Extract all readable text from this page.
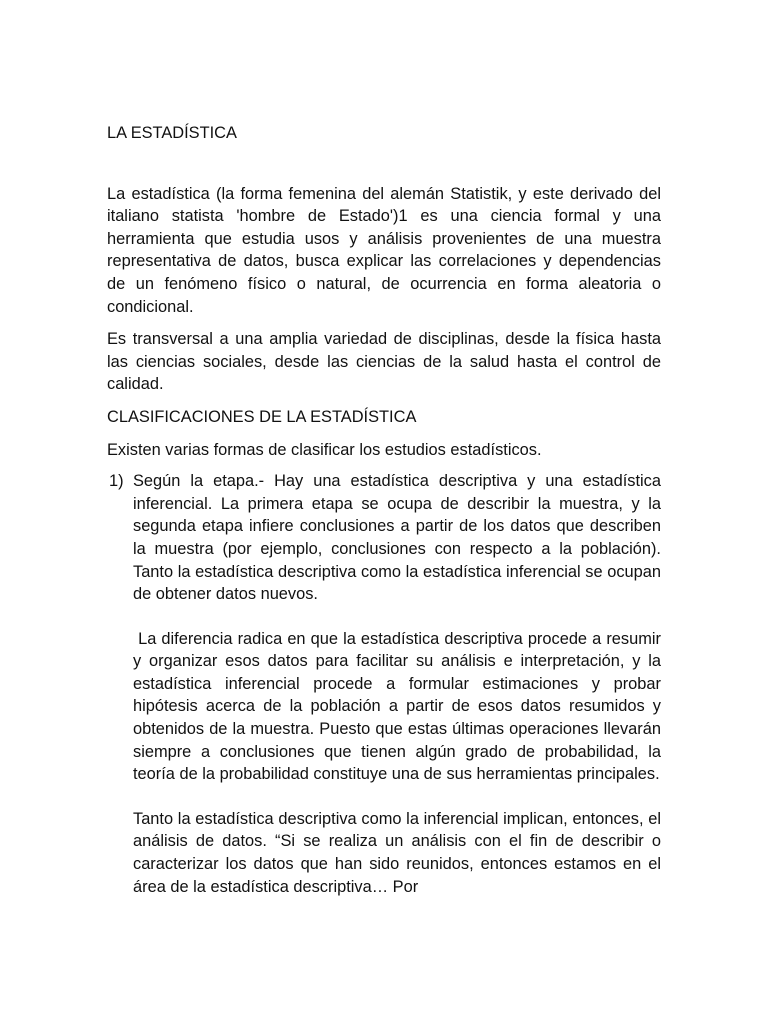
LA ESTADÍSTICA

La estadística (la forma femenina del alemán Statistik, y este derivado del italiano statista 'hombre de Estado')1 es una ciencia formal y una herramienta que estudia usos y análisis provenientes de una muestra representativa de datos, busca explicar las correlaciones y dependencias de un fenómeno físico o natural, de ocurrencia en forma aleatoria o condicional.

Es transversal a una amplia variedad de disciplinas, desde la física hasta las ciencias sociales, desde las ciencias de la salud hasta el control de calidad.

CLASIFICACIONES DE LA ESTADÍSTICA

Existen varias formas de clasificar los estudios estadísticos.

1) Según la etapa.- Hay una estadística descriptiva y una estadística inferencial. La primera etapa se ocupa de describir la muestra, y la segunda etapa infiere conclusiones a partir de los datos que describen la muestra (por ejemplo, conclusiones con respecto a la población). Tanto la estadística descriptiva como la estadística inferencial se ocupan de obtener datos nuevos.

La diferencia radica en que la estadística descriptiva procede a resumir y organizar esos datos para facilitar su análisis e interpretación, y la estadística inferencial procede a formular estimaciones y probar hipótesis acerca de la población a partir de esos datos resumidos y obtenidos de la muestra. Puesto que estas últimas operaciones llevarán siempre a conclusiones que tienen algún grado de probabilidad, la teoría de la probabilidad constituye una de sus herramientas principales.

Tanto la estadística descriptiva como la inferencial implican, entonces, el análisis de datos. “Si se realiza un análisis con el fin de describir o caracterizar los datos que han sido reunidos, entonces estamos en el área de la estadística descriptiva… Por
